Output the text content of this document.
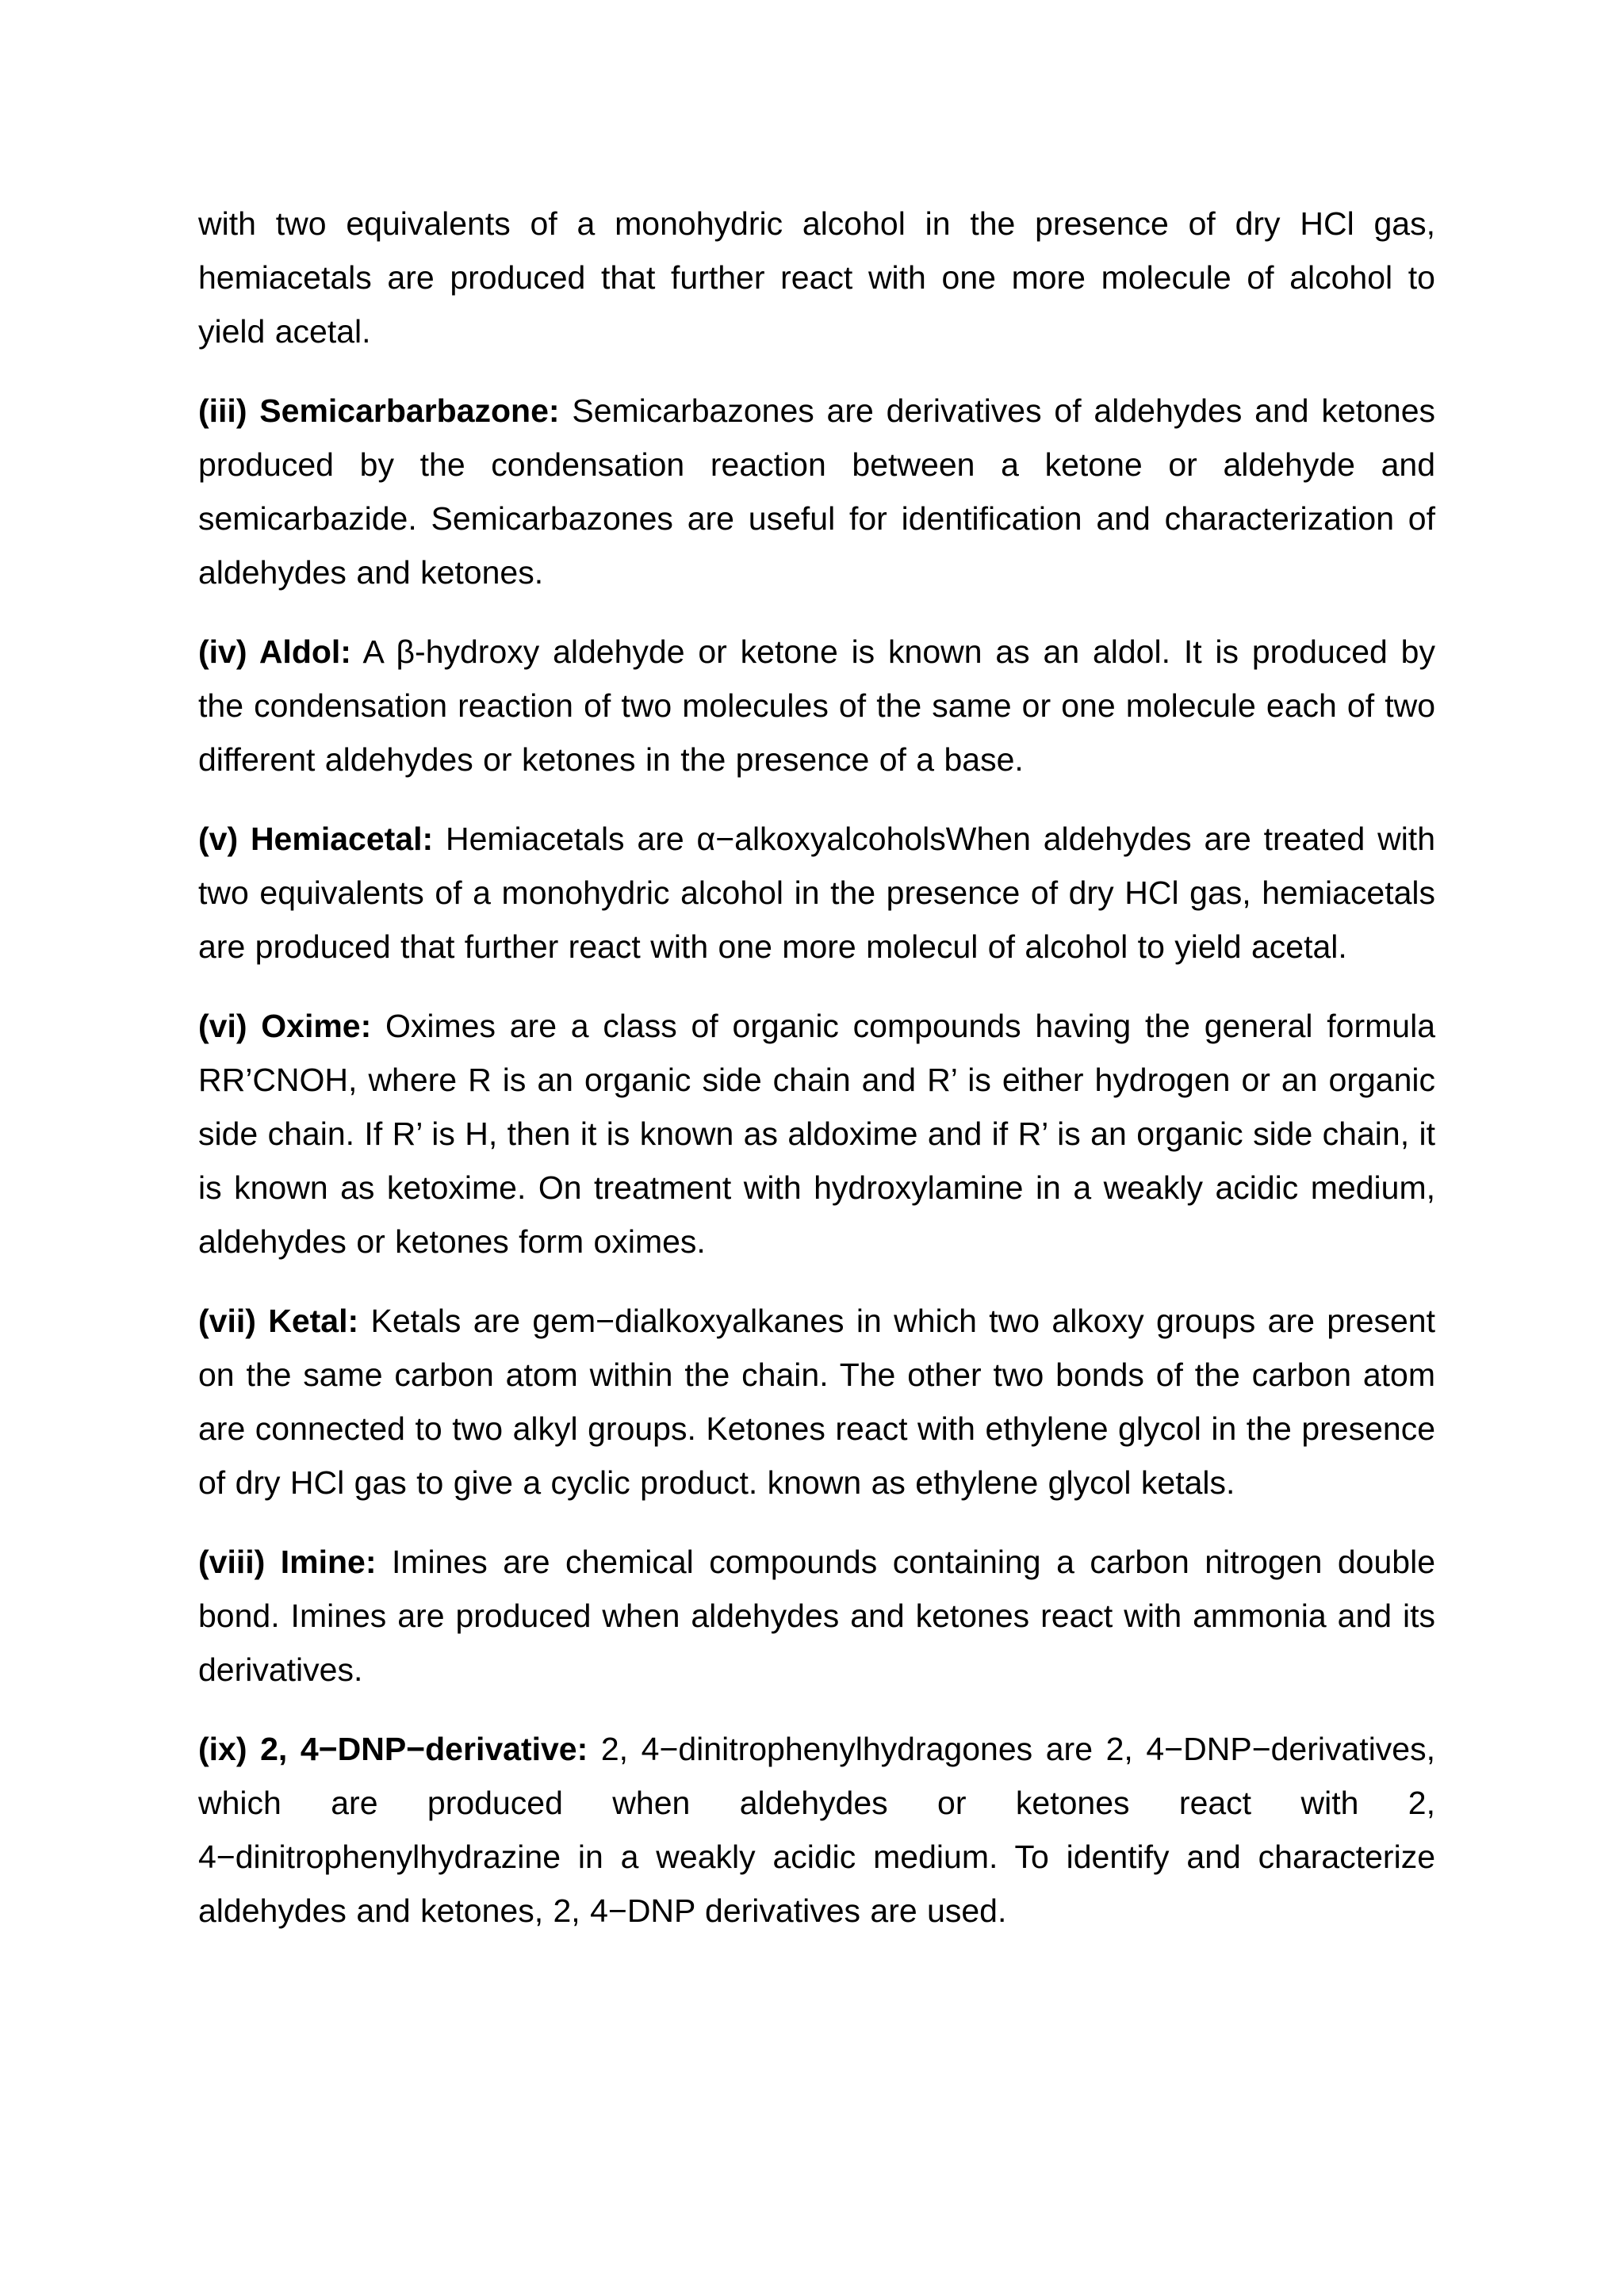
with two equivalents of a monohydric alcohol in the presence of dry HCl gas, hemiacetals are produced that further react with one more molecule of alcohol to yield acetal.

(iii) Semicarbarbazone: Semicarbazones are derivatives of aldehydes and ketones produced by the condensation reaction between a ketone or aldehyde and semicarbazide. Semicarbazones are useful for identification and characterization of aldehydes and ketones.

(iv) Aldol: A β-hydroxy aldehyde or ketone is known as an aldol. It is produced by the condensation reaction of two molecules of the same or one molecule each of two different aldehydes or ketones in the presence of a base.

(v) Hemiacetal: Hemiacetals are α−alkoxyalcoholsWhen aldehydes are treated with two equivalents of a monohydric alcohol in the presence of dry HCl gas, hemiacetals are produced that further react with one more molecul of alcohol to yield acetal.

(vi) Oxime: Oximes are a class of organic compounds having the general formula RR’CNOH, where R is an organic side chain and R’ is either hydrogen or an organic side chain. If R’ is H, then it is known as aldoxime and if R’ is an organic side chain, it is known as ketoxime. On treatment with hydroxylamine in a weakly acidic medium, aldehydes or ketones form oximes.

(vii) Ketal: Ketals are gem−dialkoxyalkanes in which two alkoxy groups are present on the same carbon atom within the chain. The other two bonds of the carbon atom are connected to two alkyl groups. Ketones react with ethylene glycol in the presence of dry HCl gas to give a cyclic product. known as ethylene glycol ketals.

(viii) Imine: Imines are chemical compounds containing a carbon nitrogen double bond. Imines are produced when aldehydes and ketones react with ammonia and its derivatives.

(ix) 2, 4−DNP−derivative: 2, 4−dinitrophenylhydragones are 2, 4−DNP−derivatives, which are produced when aldehydes or ketones react with 2, 4−dinitrophenylhydrazine in a weakly acidic medium. To identify and characterize aldehydes and ketones, 2, 4−DNP derivatives are used.
